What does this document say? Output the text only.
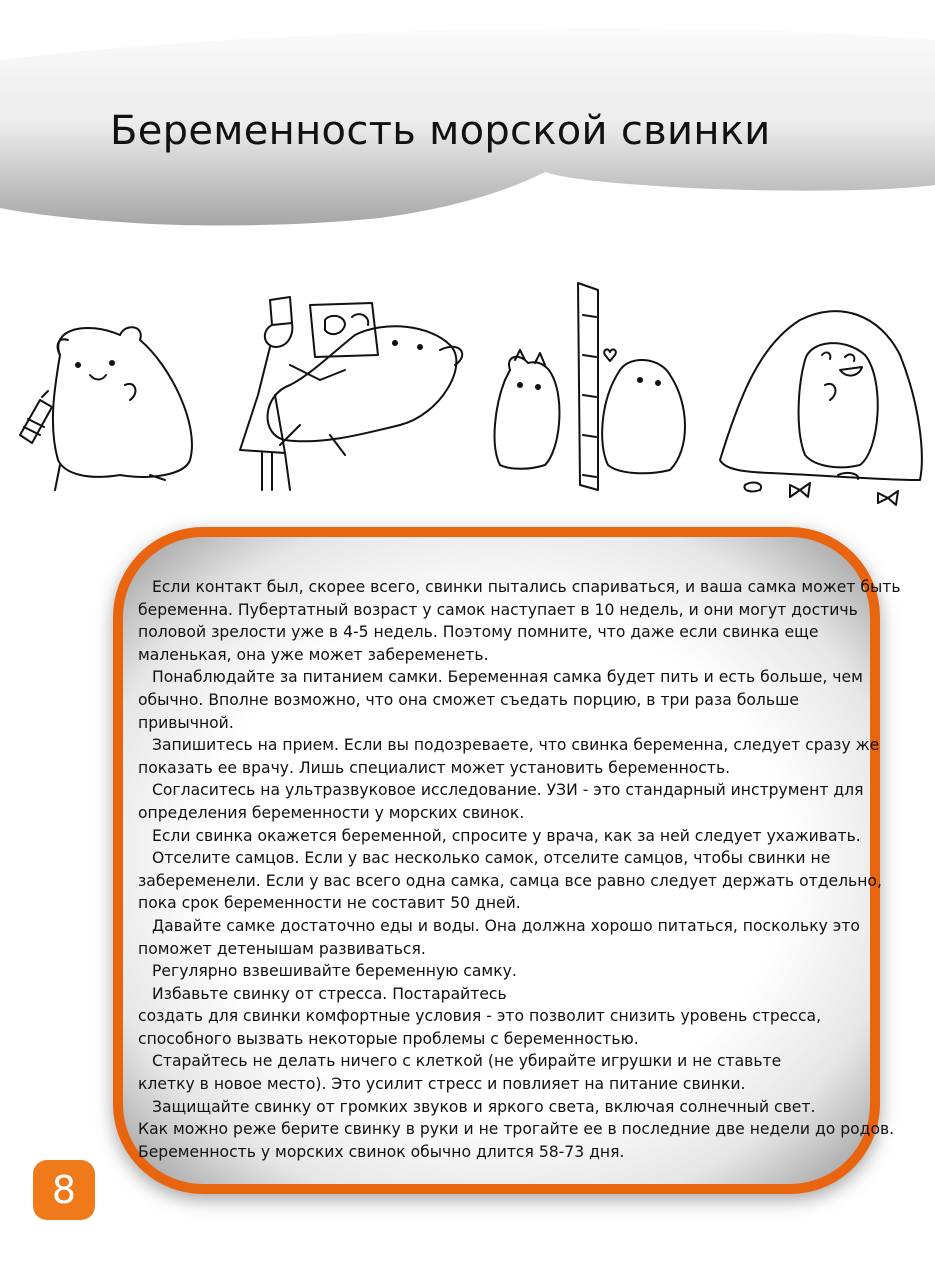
Беременность морской свинки

Если контакт был, скорее всего, свинки пытались спариваться, и ваша самка может быть

беременна. Пубертатный возраст у самок наступает в 10 недель, и они могут достичь

половой зрелости уже в 4-5 недель. Поэтому помните, что даже если свинка еще

маленькая, она уже может забеременеть.

Понаблюдайте за питанием самки. Беременная самка будет пить и есть больше, чем

обычно. Вполне возможно, что она сможет съедать порцию, в три раза больше

привычной.

Запишитесь на прием. Если вы подозреваете, что свинка беременна, следует сразу же

показать ее врачу. Лишь специалист может установить беременность.

Согласитесь на ультразвуковое исследование. УЗИ - это стандарный инструмент для

определения беременности у морских свинок.

Если свинка окажется беременной, спросите у врача, как за ней следует ухаживать.

Отселите самцов. Если у вас несколько самок, отселите самцов, чтобы свинки не

забеременели. Если у вас всего одна самка, самца все равно следует держать отдельно,

пока срок беременности не составит 50 дней.

Давайте самке достаточно еды и воды. Она должна хорошо питаться, поскольку это

поможет детенышам развиваться.

Регулярно взвешивайте беременную самку.

Избавьте свинку от стресса. Постарайтесь

создать для свинки комфортные условия - это позволит снизить уровень стресса,

способного вызвать некоторые проблемы с беременностью.

Старайтесь не делать ничего с клеткой (не убирайте игрушки и не ставьте

клетку в новое место). Это усилит стресс и повлияет на питание свинки.

Защищайте свинку от громких звуков и яркого света, включая солнечный свет.

Как можно реже берите свинку в руки и не трогайте ее в последние две недели до родов.

Беременность у морских свинок обычно длится 58-73 дня.

8
